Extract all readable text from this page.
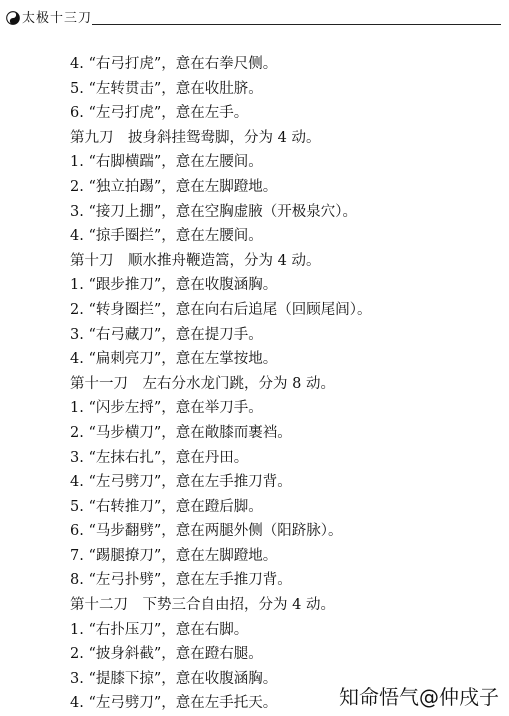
太极十三刀
4. “右弓打虎”，意在右拳尺侧。
5. “左转贯击”，意在收肚脐。
6. “左弓打虎”，意在左手。
第九刀　披身斜挂鸳鸯脚，分为 4 动。
1. “右脚横踹”，意在左腰间。
2. “独立拍踢”，意在左脚蹬地。
3. “接刀上掤”，意在空胸虚腋（开极泉穴）。
4. “掠手圈拦”，意在左腰间。
第十刀　顺水推舟鞭造篙，分为 4 动。
1. “跟步推刀”，意在收腹涵胸。
2. “转身圈拦”，意在向右后追尾（回顾尾闾）。
3. “右弓藏刀”，意在提刀手。
4. “扁刺亮刀”，意在左掌按地。
第十一刀　左右分水龙门跳，分为 8 动。
1. “闪步左捋”，意在举刀手。
2. “马步横刀”，意在敞膝而裹裆。
3. “左抹右扎”，意在丹田。
4. “左弓劈刀”，意在左手推刀背。
5. “右转推刀”，意在蹬后脚。
6. “马步翻劈”，意在两腿外侧（阳跻脉）。
7. “踢腿撩刀”，意在左脚蹬地。
8. “左弓扑劈”，意在左手推刀背。
第十二刀　下势三合自由招，分为 4 动。
1. “右扑压刀”，意在右脚。
2. “披身斜截”，意在蹬右腿。
3. “提膝下掠”，意在收腹涵胸。
4. “左弓劈刀”，意在左手托天。	知命悟气@仲戌子
